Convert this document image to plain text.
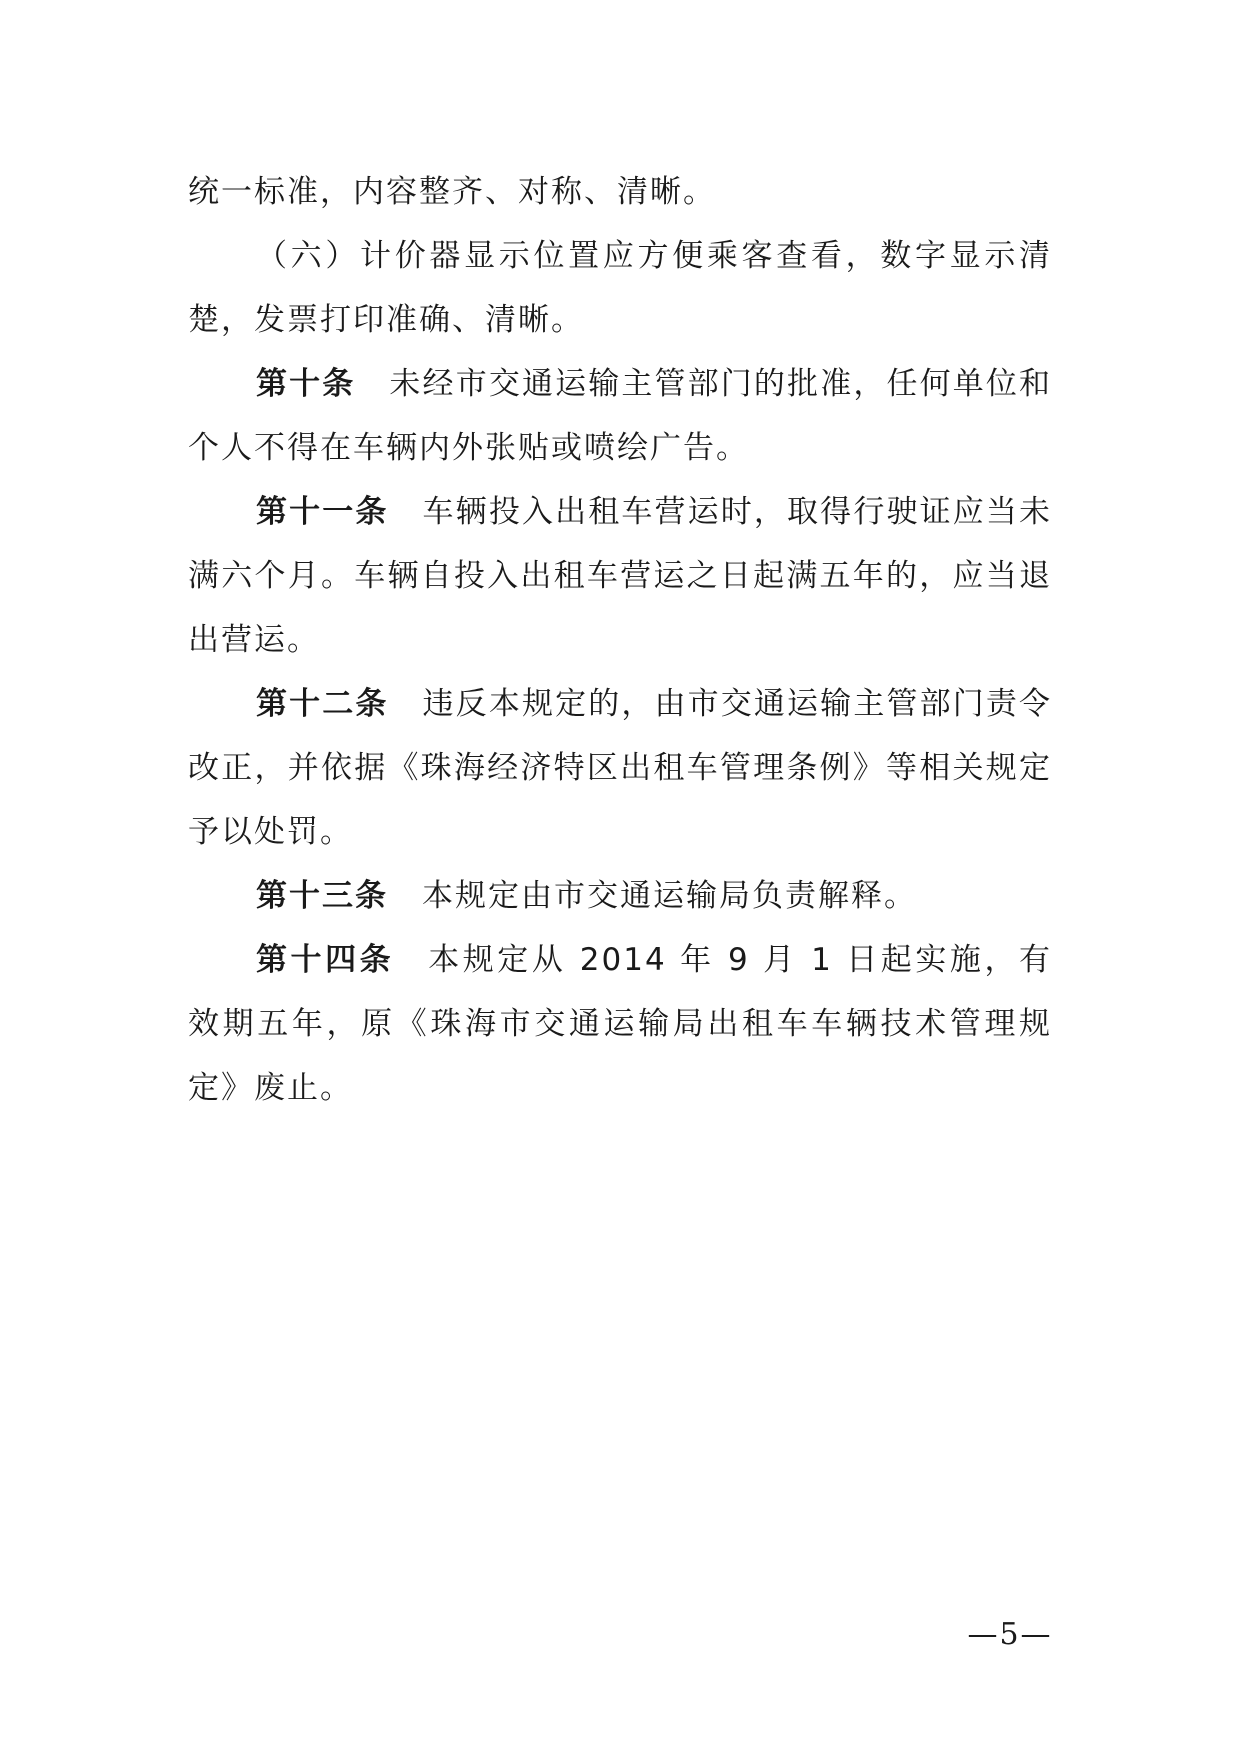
统一标准，内容整齐、对称、清晰。

（六）计价器显示位置应方便乘客查看，数字显示清楚，发票打印准确、清晰。

第十条 未经市交通运输主管部门的批准，任何单位和个人不得在车辆内外张贴或喷绘广告。

第十一条 车辆投入出租车营运时，取得行驶证应当未满六个月。车辆自投入出租车营运之日起满五年的，应当退出营运。

第十二条 违反本规定的，由市交通运输主管部门责令改正，并依据《珠海经济特区出租车管理条例》等相关规定予以处罚。

第十三条 本规定由市交通运输局负责解释。

第十四条 本规定从 2014 年 9 月 1 日起实施，有效期五年，原《珠海市交通运输局出租车车辆技术管理规定》废止。

—5—
